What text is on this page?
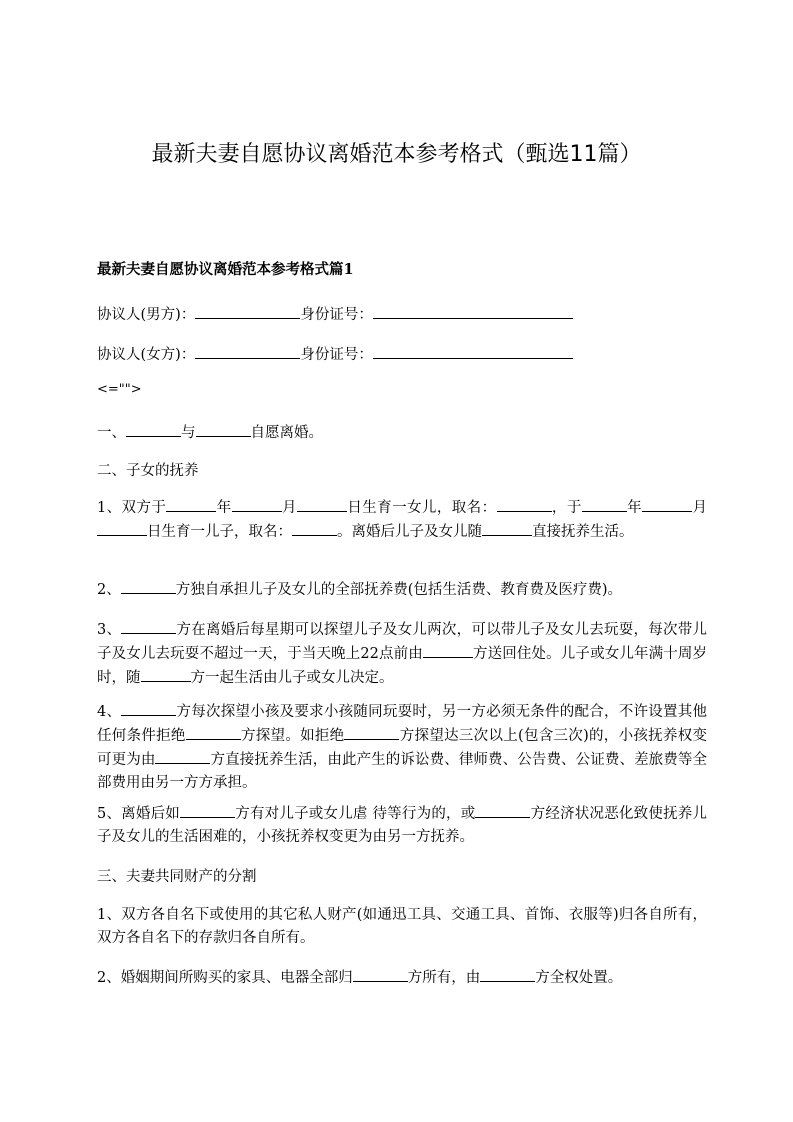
最新夫妻自愿协议离婚范本参考格式（甄选11篇）
最新夫妻自愿协议离婚范本参考格式篇1
协议人(男方)：	身份证号：
协议人(女方)：	身份证号：
<="">
一、	与	自愿离婚。
二、子女的抚养
1、双方于	年	月	日生育一女儿，取名：	，于	年	月日生育一儿子，取名：	。离婚后儿子及女儿随	直接抚养生活。
2、	方独自承担儿子及女儿的全部抚养费(包括生活费、教育费及医疗费)。
3、	方在离婚后每星期可以探望儿子及女儿两次，可以带儿子及女儿去玩耍，每次带儿子及女儿去玩耍不超过一天，于当天晚上22点前由	方送回住处。儿子或女儿年满十周岁时，随	方一起生活由儿子或女儿决定。
4、	方每次探望小孩及要求小孩随同玩耍时，另一方必须无条件的配合，不许设置其他任何条件拒绝	方探望。如拒绝	方探望达三次以上(包含三次)的，小孩抚养权变可更为由	方直接抚养生活，由此产生的诉讼费、律师费、公告费、公证费、差旅费等全部费用由另一方方承担。
5、离婚后如	方有对儿子或女儿虐 待等行为的，或	方经济状况恶化致使抚养儿子及女儿的生活困难的，小孩抚养权变更为由另一方抚养。
三、夫妻共同财产的分割
1、双方各自名下或使用的其它私人财产(如通迅工具、交通工具、首饰、衣服等)归各自所有，双方各自名下的存款归各自所有。
2、婚姻期间所购买的家具、电器全部归	方所有，由	方全权处置。
